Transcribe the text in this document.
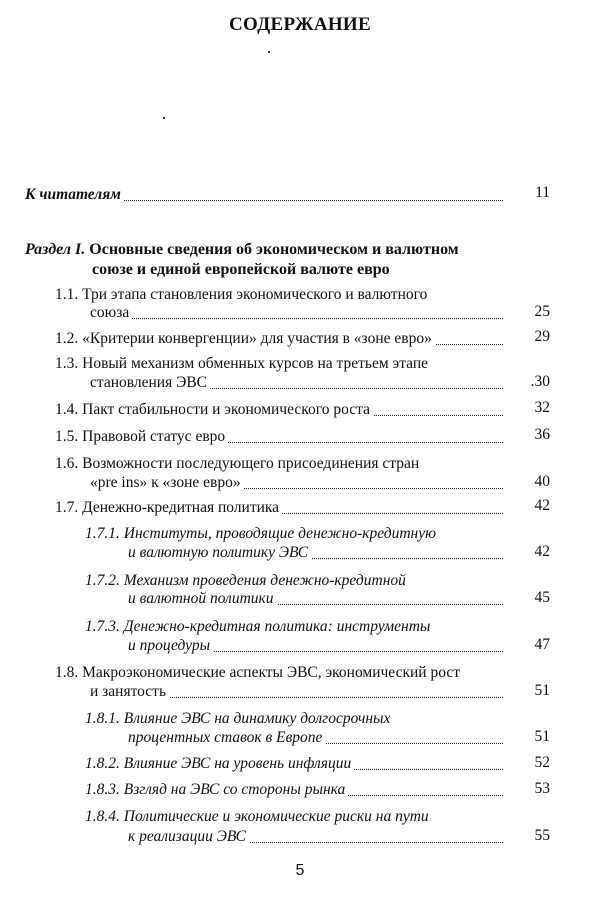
СОДЕРЖАНИЕ
К читателям	11
Раздел I. Основные сведения об экономическом и валютном
союзе и единой европейской валюте евро
1.1. Три этапа становления экономического и валютного
союза	25
1.2. «Критерии конвергенции» для участия в «зоне евро»	29
1.3. Новый механизм обменных курсов на третьем этапе
становления ЭВС	.30
1.4. Пакт стабильности и экономического роста	32
1.5. Правовой статус евро	36
1.6. Возможности последующего присоединения стран
«pre ins» к «зоне евро»	40
1.7. Денежно-кредитная политика	42
1.7.1. Институты, проводящие денежно-кредитную
и валютную политику ЭВС	42
1.7.2. Механизм проведения денежно-кредитной
и валютной политики	45
1.7.3. Денежно-кредитная политика: инструменты
и процедуры	47
1.8. Макроэкономические аспекты ЭВС, экономический рост
и занятость	51
1.8.1. Влияние ЭВС на динамику долгосрочных
процентных ставок в Европе	51
1.8.2. Влияние ЭВС на уровень инфляции	52
1.8.3. Взгляд на ЭВС со стороны рынка	53
1.8.4. Политические и экономические риски на пути
к реализации ЭВС	55
5
